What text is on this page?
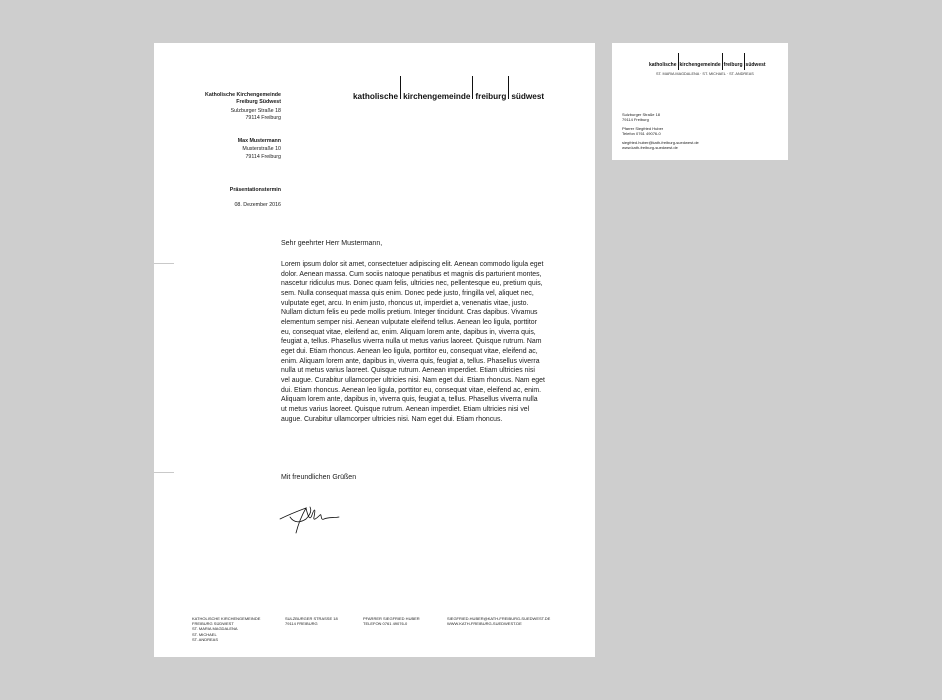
katholische kirchengemeinde freiburg südwest
Katholische Kirchengemeinde
Freiburg Südwest
Sulzburger Straße 18
79114 Freiburg
Max Mustermann
Musterstraße 10
79114 Freiburg
Präsentationstermin
08. Dezember 2016
Sehr geehrter Herr Mustermann,

Lorem ipsum dolor sit amet, consectetuer adipiscing elit. Aenean commodo ligula eget dolor. Aenean massa. Cum sociis natoque penatibus et magnis dis parturient montes, nascetur ridiculus mus. Donec quam felis, ultricies nec, pellentesque eu, pretium quis, sem. Nulla consequat massa quis enim. Donec pede justo, fringilla vel, aliquet nec, vulputate eget, arcu. In enim justo, rhoncus ut, imperdiet a, venenatis vitae, justo. Nullam dictum felis eu pede mollis pretium. Integer tincidunt. Cras dapibus. Vivamus elementum semper nisi. Aenean vulputate eleifend tellus. Aenean leo ligula, porttitor eu, consequat vitae, eleifend ac, enim. Aliquam lorem ante, dapibus in, viverra quis, feugiat a, tellus. Phasellus viverra nulla ut metus varius laoreet. Quisque rutrum. Nam eget dui. Etiam rhoncus. Aenean leo ligula, porttitor eu, consequat vitae, eleifend ac, enim. Aliquam lorem ante, dapibus in, viverra quis, feugiat a, tellus. Phasellus viverra nulla ut metus varius laoreet. Quisque rutrum. Aenean imperdiet. Etiam ultricies nisi vel augue. Curabitur ullamcorper ultricies nisi. Nam eget dui. Etiam rhoncus. Nam eget dui. Etiam rhoncus. Aenean leo ligula, porttitor eu, consequat vitae, eleifend ac, enim. Aliquam lorem ante, dapibus in, viverra quis, feugiat a, tellus. Phasellus viverra nulla ut metus varius laoreet. Quisque rutrum. Aenean imperdiet. Etiam ultricies nisi vel augue. Curabitur ullamcorper ultricies nisi. Nam eget dui. Etiam rhoncus.

Mit freundlichen Grüßen
KATHOLISCHE KIRCHENGEMEINDE
FREIBURG SÜDWEST
ST. MARIA MAGDALENA
ST. MICHAEL
ST. ANDREAS
SULZBURGER STRASSE 18
79114 FREIBURG
PFARRER SIEGFRIED HUBER
TELEFON 0761 49076-0
SIEGFRIED.HUBER@KATH-FREIBURG-SUEDWEST.DE
WWW.KATH-FREIBURG-SUEDWEST.DE
katholische kirchengemeinde freiburg südwest
ST. MARIA MAGDALENA · ST. MICHAEL · ST. ANDREAS
Sulzburger Straße 18
79114 Freiburg
Pfarrer Siegfried Huber
Telefon 0761 49076-0
siegfried.huber@kath-freiburg-suedwest.de
www.kath-freiburg-suedwest.de
